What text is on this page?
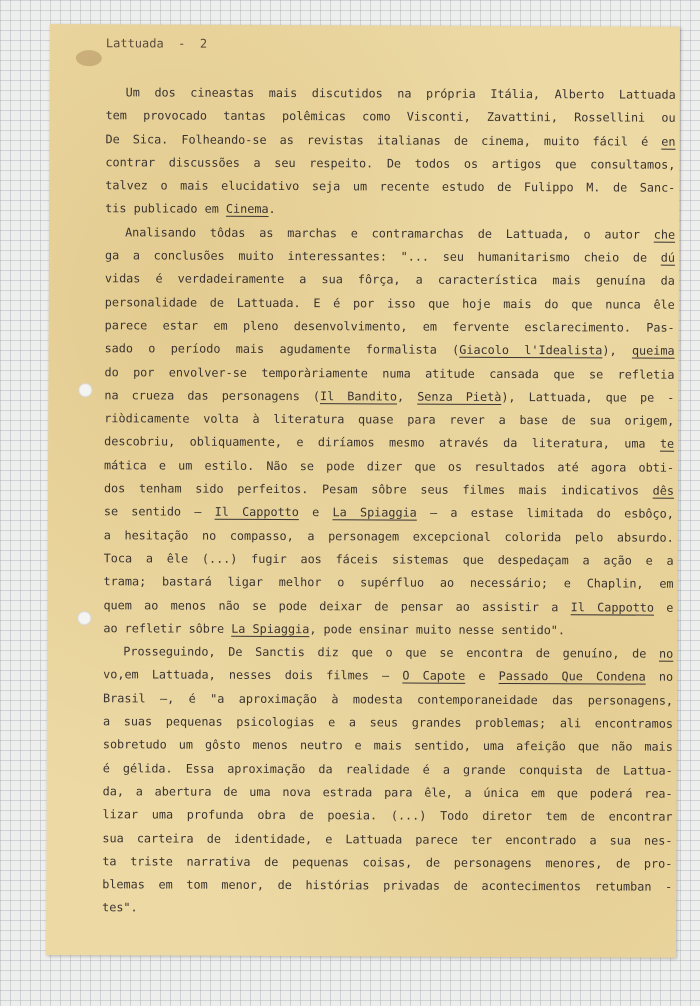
Lattuada  -  2
Um dos cineastas mais discutidos na própria Itália, Alberto Lattuada
tem provocado tantas polêmicas como Visconti, Zavattini, Rossellini ou
De Sica. Folheando-se as revistas italianas de cinema, muito fácil é en
contrar discussões a seu respeito. De todos os artigos que consultamos,
talvez o mais elucidativo seja um recente estudo de Fulippo M. de Sanc-
tis publicado em Cinema.
Analisando tôdas as marchas e contramarchas de Lattuada, o autor che
ga a conclusões muito interessantes: "... seu humanitarismo cheio de dú
vidas é verdadeiramente a sua fôrça, a característica mais genuína da
personalidade de Lattuada. E é por isso que hoje mais do que nunca êle
parece estar em pleno desenvolvimento, em fervente esclarecimento. Pas-
sado o período mais agudamente formalista (Giacolo l'Idealista), queima
do por envolver-se temporàriamente numa atitude cansada que se refletia
na crueza das personagens (Il Bandito, Senza Pietà), Lattuada, que pe -
riòdicamente volta à literatura quase para rever a base de sua origem,
descobriu, obliquamente, e diríamos mesmo através da literatura, uma te
mática e um estilo. Não se pode dizer que os resultados até agora obti-
dos tenham sido perfeitos. Pesam sôbre seus filmes mais indicativos dês
se sentido — Il Cappotto e La Spiaggia — a estase limitada do esbôço,
a hesitação no compasso, a personagem excepcional colorida pelo absurdo.
Toca a êle (...) fugir aos fáceis sistemas que despedaçam a ação e a
trama; bastará ligar melhor o supérfluo ao necessário; e Chaplin, em
quem ao menos não se pode deixar de pensar ao assistir a Il Cappotto e
ao refletir sôbre La Spiaggia, pode ensinar muito nesse sentido".
Prosseguindo, De Sanctis diz que o que se encontra de genuíno, de no
vo,em Lattuada, nesses dois filmes — O Capote e Passado Que Condena no
Brasil —, é "a aproximação à modesta contemporaneidade das personagens,
a suas pequenas psicologias e a seus grandes problemas; ali encontramos
sobretudo um gôsto menos neutro e mais sentido, uma afeição que não mais
é gélida. Essa aproximação da realidade é a grande conquista de Lattua-
da, a abertura de uma nova estrada para êle, a única em que poderá rea-
lizar uma profunda obra de poesia. (...) Todo diretor tem de encontrar
sua carteira de identidade, e Lattuada parece ter encontrado a sua nes-
ta triste narrativa de pequenas coisas, de personagens menores, de pro-
blemas em tom menor, de histórias privadas de acontecimentos retumban -
tes".
